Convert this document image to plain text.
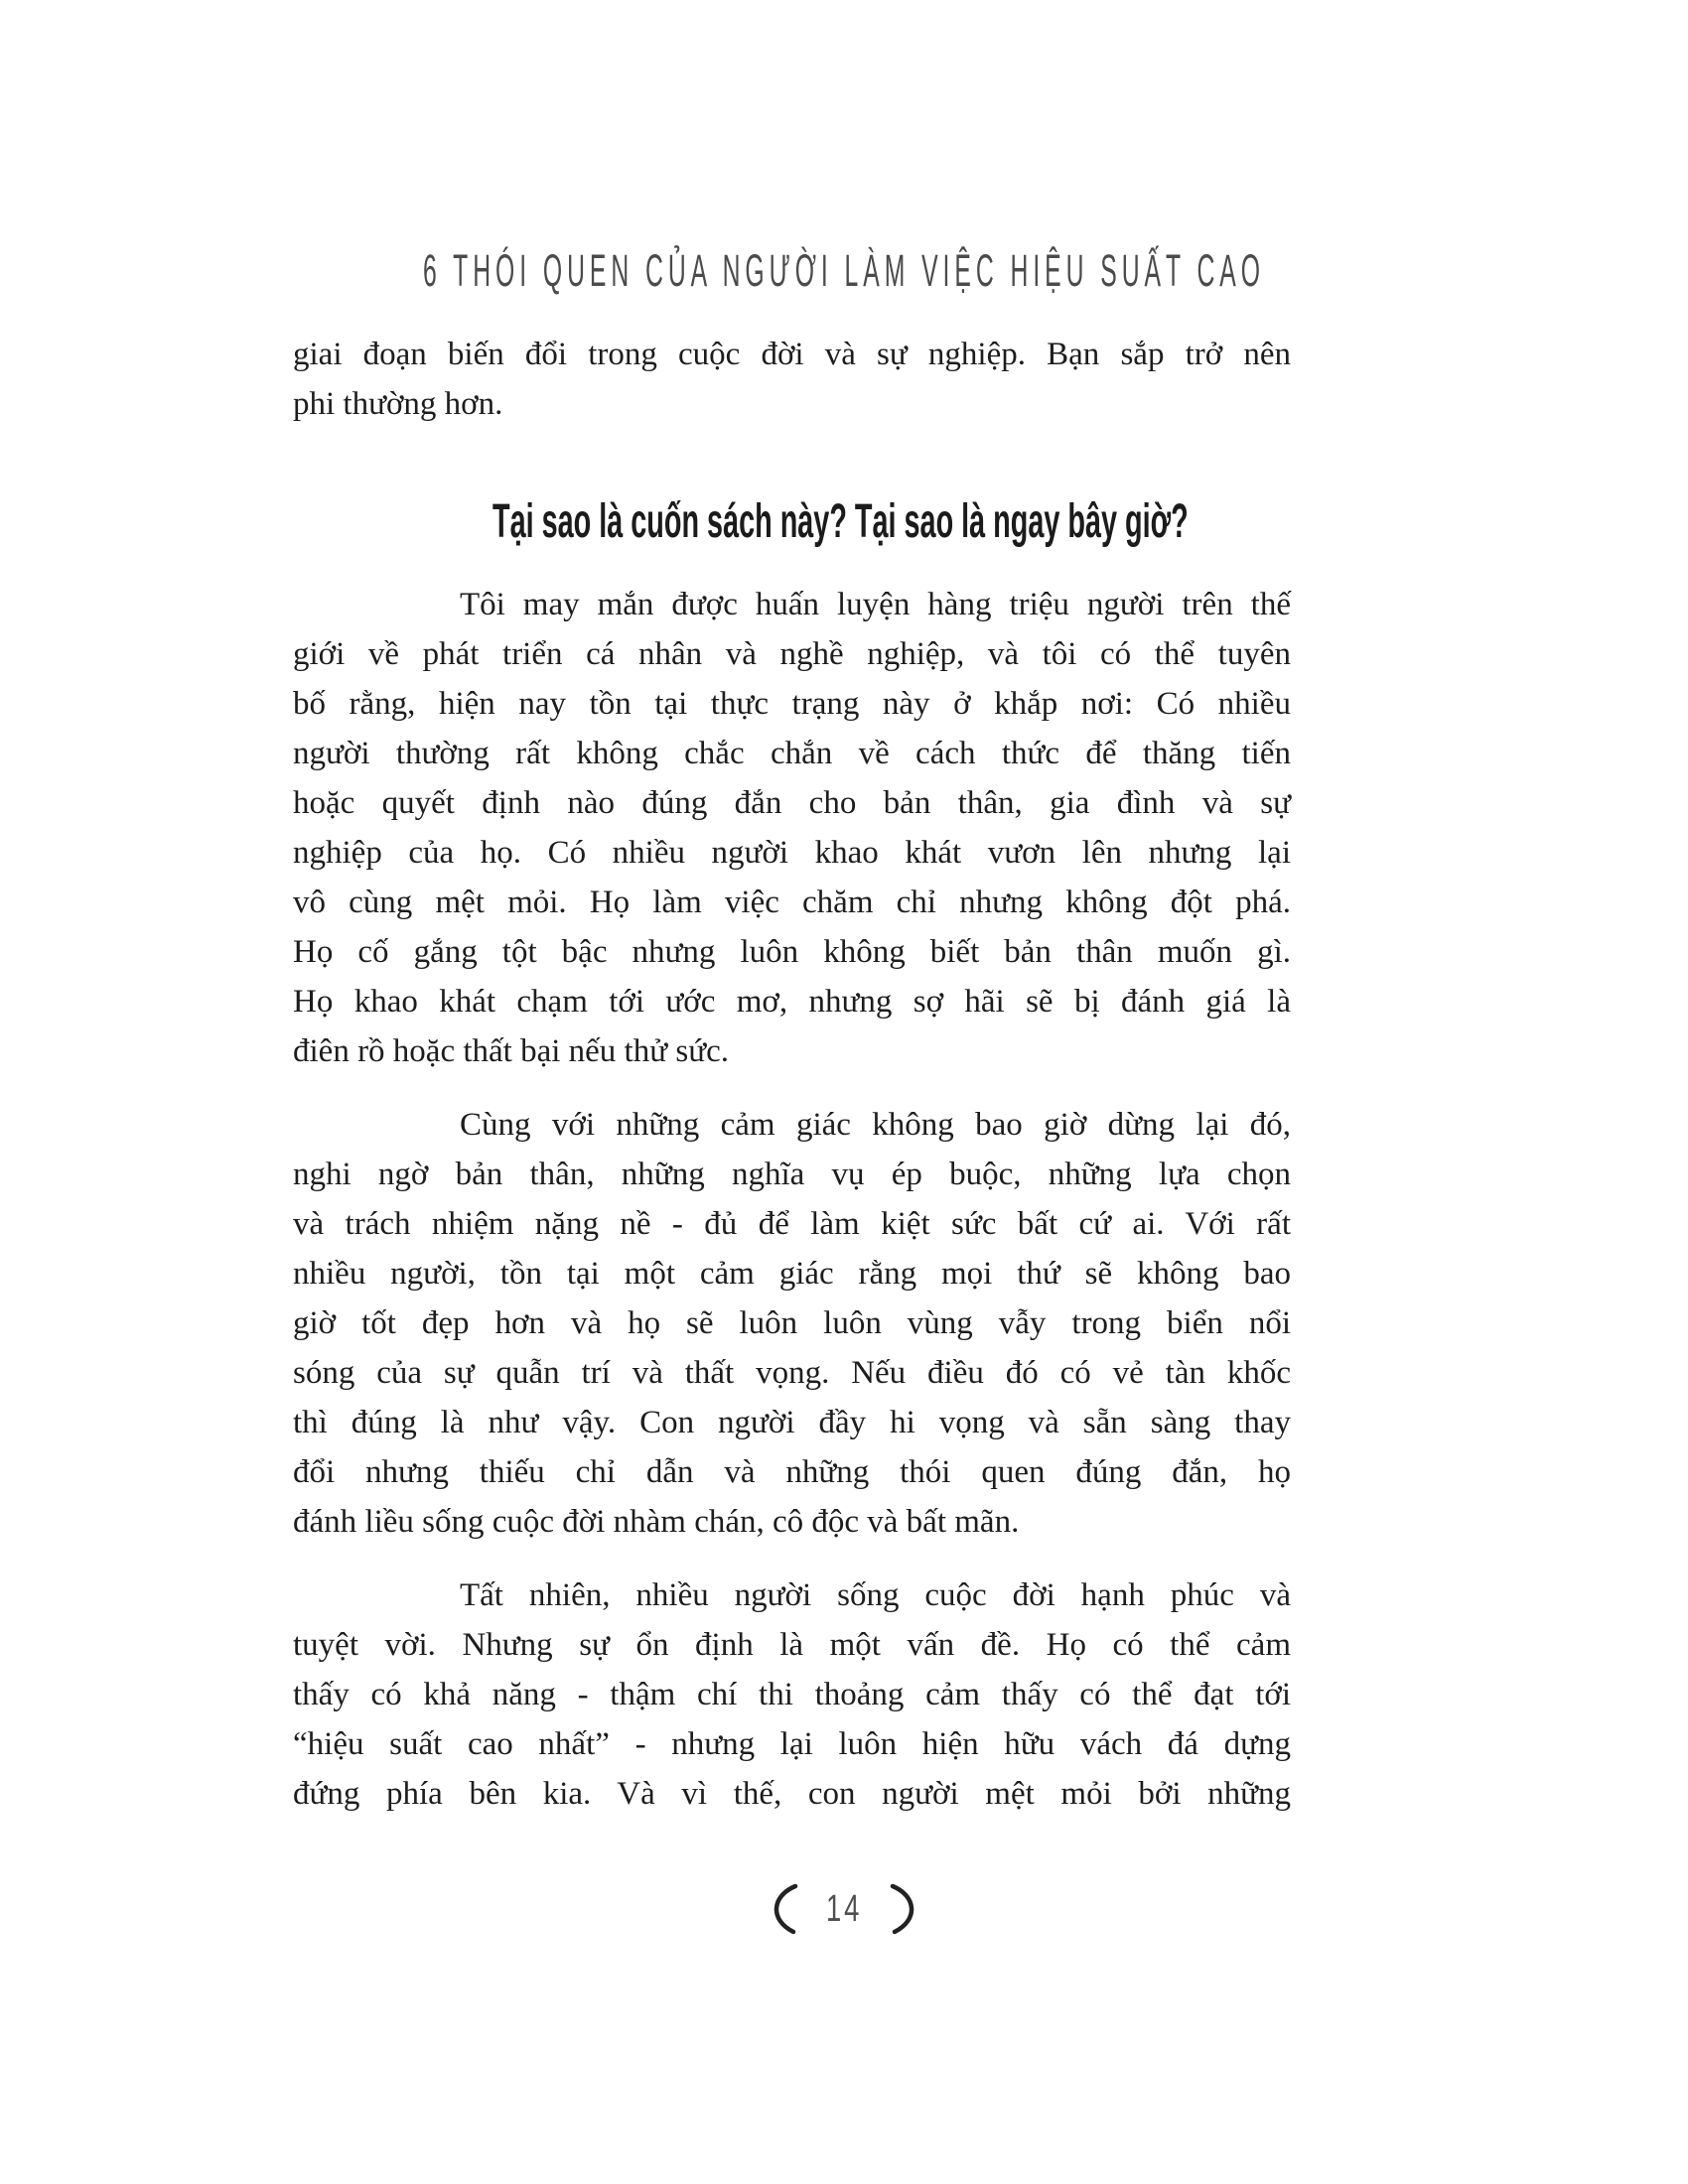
6 THÓI QUEN CỦA NGƯỜI LÀM VIỆC HIỆU SUẤT CAO
giai đoạn biến đổi trong cuộc đời và sự nghiệp. Bạn sắp trở nên
phi thường hơn.
Tại sao là cuốn sách này? Tại sao là ngay bây giờ?
Tôi may mắn được huấn luyện hàng triệu người trên thế
giới về phát triển cá nhân và nghề nghiệp, và tôi có thể tuyên
bố rằng, hiện nay tồn tại thực trạng này ở khắp nơi: Có nhiều
người thường rất không chắc chắn về cách thức để thăng tiến
hoặc quyết định nào đúng đắn cho bản thân, gia đình và sự
nghiệp của họ. Có nhiều người khao khát vươn lên nhưng lại
vô cùng mệt mỏi. Họ làm việc chăm chỉ nhưng không đột phá.
Họ cố gắng tột bậc nhưng luôn không biết bản thân muốn gì.
Họ khao khát chạm tới ước mơ, nhưng sợ hãi sẽ bị đánh giá là
điên rồ hoặc thất bại nếu thử sức.
Cùng với những cảm giác không bao giờ dừng lại đó,
nghi ngờ bản thân, những nghĩa vụ ép buộc, những lựa chọn
và trách nhiệm nặng nề - đủ để làm kiệt sức bất cứ ai. Với rất
nhiều người, tồn tại một cảm giác rằng mọi thứ sẽ không bao
giờ tốt đẹp hơn và họ sẽ luôn luôn vùng vẫy trong biển nổi
sóng của sự quẫn trí và thất vọng. Nếu điều đó có vẻ tàn khốc
thì đúng là như vậy. Con người đầy hi vọng và sẵn sàng thay
đổi nhưng thiếu chỉ dẫn và những thói quen đúng đắn, họ
đánh liều sống cuộc đời nhàm chán, cô độc và bất mãn.
Tất nhiên, nhiều người sống cuộc đời hạnh phúc và
tuyệt vời. Nhưng sự ổn định là một vấn đề. Họ có thể cảm
thấy có khả năng - thậm chí thi thoảng cảm thấy có thể đạt tới
“hiệu suất cao nhất” - nhưng lại luôn hiện hữu vách đá dựng
đứng phía bên kia. Và vì thế, con người mệt mỏi bởi những
14
